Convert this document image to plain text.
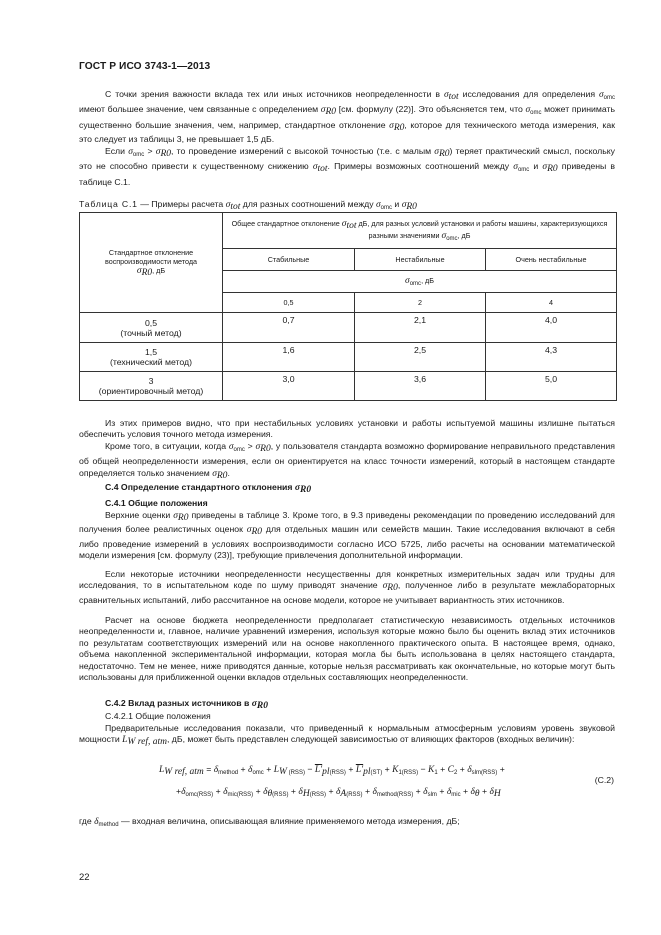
ГОСТ Р ИСО 3743-1—2013
С точки зрения важности вклада тех или иных источников неопределенности в $\sigma_{tot}$ исследования для определения $\sigma_{omc}$ имеют большее значение, чем связанные с определением $\sigma_{R0}$ [см. формулу (22)]. Это объясняется тем, что $\sigma_{omc}$ может принимать существенно большие значения, чем, например, стандартное отклонение $\sigma_{R0}$, которое для технического метода измерения, как это следует из таблицы 3, не превышает 1,5 дБ.
Если $\sigma_{omc} > \sigma_{R0}$, то проведение измерений с высокой точностью (т.е. с малым $\sigma_{R0}$) теряет практический смысл, поскольку это не способно привести к существенному снижению $\sigma_{tot}$. Примеры возможных соотношений между $\sigma_{omc}$ и $\sigma_{R0}$ приведены в таблице С.1.
Таблица С.1 — Примеры расчета $\sigma_{tot}$ для разных соотношений между $\sigma_{omc}$ и $\sigma_{R0}$
Стандартное отклонение воспроизводимости метода
$\sigma_{R0}$, дБ	Общее стандартное отклонение $\sigma_{tot}$ дБ, для разных условий установки и работы машины, характеризующихся разными значениями $\sigma_{omc}$, дБ		
	Стабильные	Нестабильные	Очень нестабильные
	$\sigma_{omc}$, дБ		
	0,5	2	4
0,5
(точный метод)	0,7	2,1	4,0
1,5
(технический метод)	1,6	2,5	4,3
3
(ориентировочный метод)	3,0	3,6	5,0
Из этих примеров видно, что при нестабильных условиях установки и работы испытуемой машины излишне пытаться обеспечить условия точного метода измерения.
Кроме того, в ситуации, когда $\sigma_{omc} > \sigma_{R0}$, у пользователя стандарта возможно формирование неправильного представления об общей неопределенности измерения, если он ориентируется на класс точности измерений, который в настоящем стандарте определяется только значением $\sigma_{R0}$.
С.4 Определение стандартного отклонения $\sigma_{R0}$
С.4.1 Общие положения
Верхние оценки $\sigma_{R0}$ приведены в таблице 3. Кроме того, в 9.3 приведены рекомендации по проведению исследований для получения более реалистичных оценок $\sigma_{R0}$ для отдельных машин или семейств машин. Такие исследования включают в себя либо проведение измерений в условиях воспроизводимости согласно ИСО 5725, либо расчеты на основании математической модели измерения [см. формулу (23)], требующие привлечения дополнительной информации.
Если некоторые источники неопределенности несущественны для конкретных измерительных задач или трудны для исследования, то в испытательном коде по шуму приводят значение $\sigma_{R0}$, полученное либо в результате межлабораторных сравнительных испытаний, либо рассчитанное на основе модели, которое не учитывает вариантность этих источников.
Расчет на основе бюджета неопределенности предполагает статистическую независимость отдельных источников неопределенности и, главное, наличие уравнений измерения, используя которые можно было бы оценить вклад этих источников по результатам соответствующих измерений или на основе накопленного практического опыта. В настоящее время, однако, объема накопленной экспериментальной информации, которая могла бы быть использована в целях настоящего стандарта, недостаточно. Тем не менее, ниже приводятся данные, которые нельзя рассматривать как окончательные, но которые могут быть использованы для приближенной оценки вкладов отдельных составляющих неопределенности.
С.4.2 Вклад разных источников в $\sigma_{R0}$
С.4.2.1 Общие положения
Предварительные исследования показали, что приведенный к нормальным атмосферным условиям уровень звуковой мощности $L_{W ref, atm}$, дБ, может быть представлен следующей зависимостью от влияющих факторов (входных величин):
$L_{W ref, atm} = \delta_{method} + \delta_{omc} + L_W$ $_{(RSS)} - L'_{pl(RSS)} + L'_{pl(ST)} + K_{1(RSS)} - K_1 + C_2 + \delta_{slm(RSS)}$ +
$+\delta_{omc(RSS)} + \delta_{mic(RSS)} + \delta_{\theta(RSS)} + \delta_{H(RSS)} + \delta_{A(RSS)} + \delta_{method(RSS)} + \delta_{slm} + \delta_{mic} + \delta_\theta + \delta_H$
(С.2)
где $\delta_{method}$ — входная величина, описывающая влияние применяемого метода измерения, дБ;
22
